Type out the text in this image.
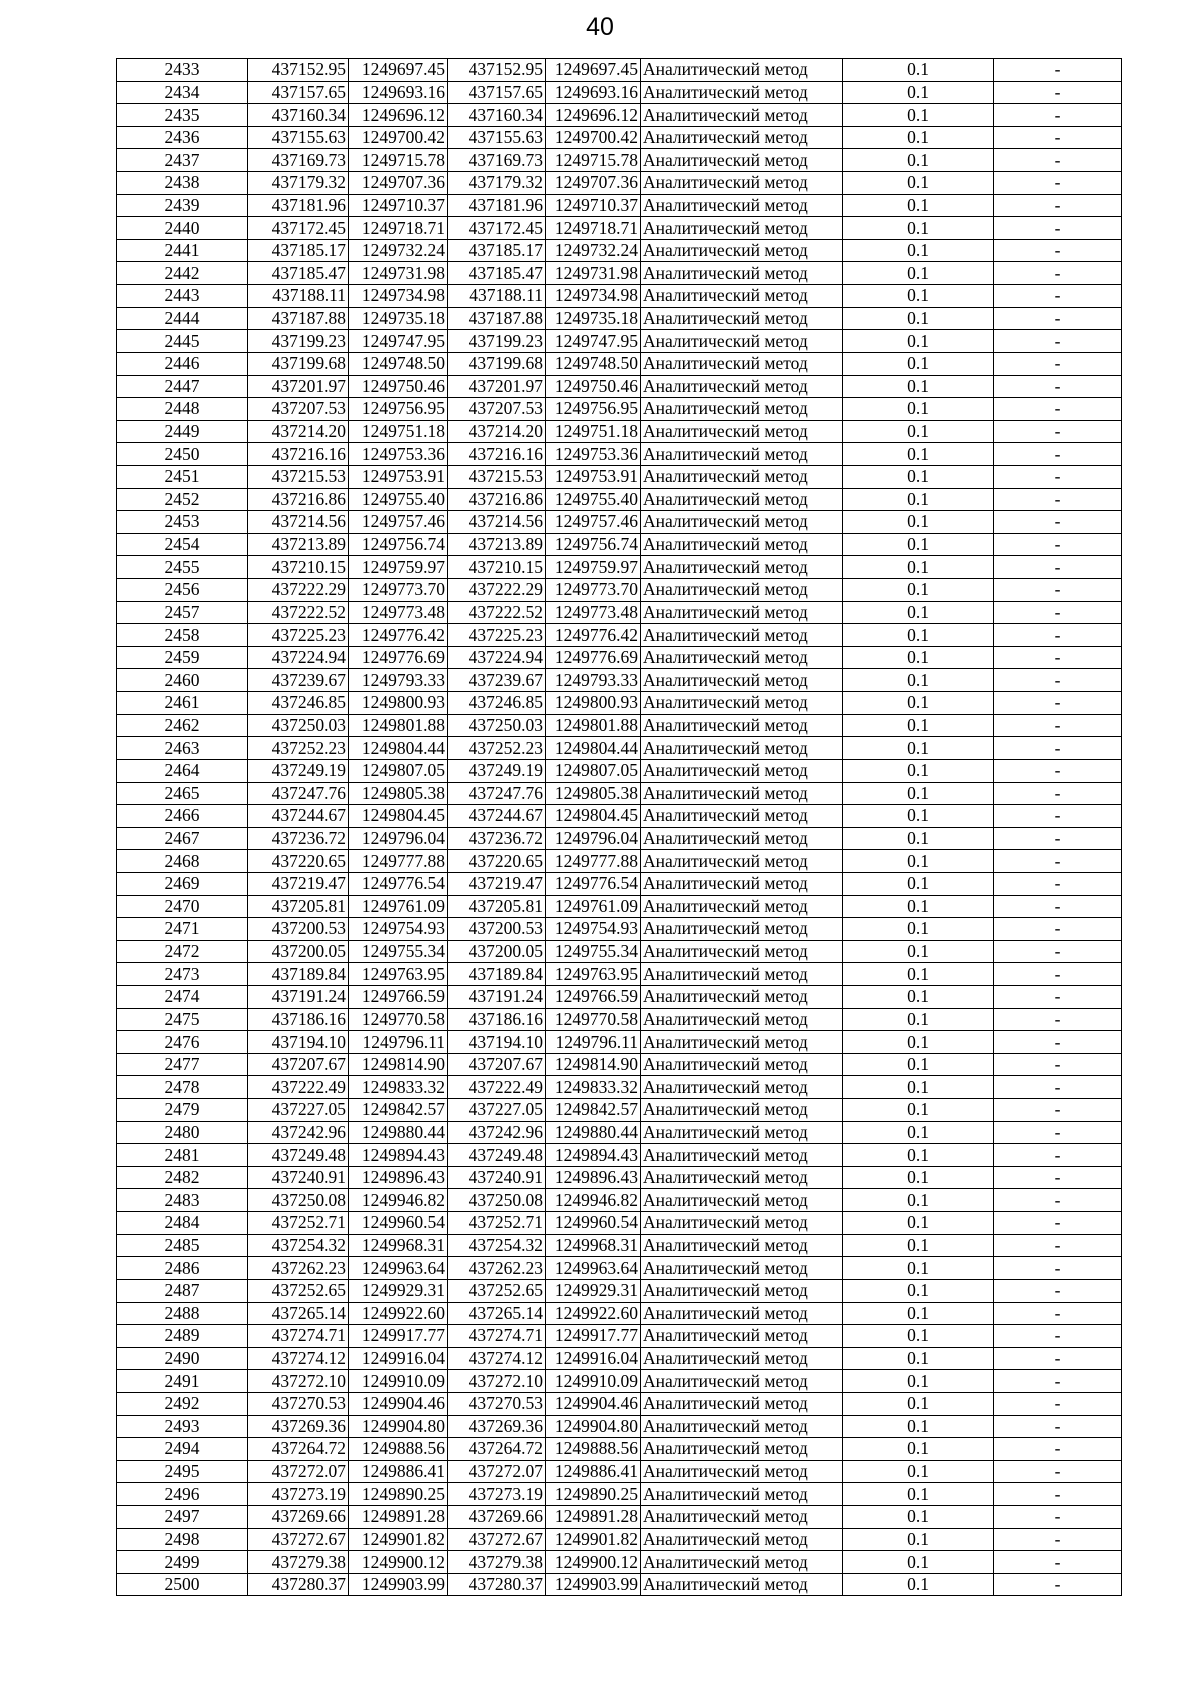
40
2433	437152.95	1249697.45	437152.95	1249697.45	Аналитический метод	0.1	-
2434	437157.65	1249693.16	437157.65	1249693.16	Аналитический метод	0.1	-
2435	437160.34	1249696.12	437160.34	1249696.12	Аналитический метод	0.1	-
2436	437155.63	1249700.42	437155.63	1249700.42	Аналитический метод	0.1	-
2437	437169.73	1249715.78	437169.73	1249715.78	Аналитический метод	0.1	-
2438	437179.32	1249707.36	437179.32	1249707.36	Аналитический метод	0.1	-
2439	437181.96	1249710.37	437181.96	1249710.37	Аналитический метод	0.1	-
2440	437172.45	1249718.71	437172.45	1249718.71	Аналитический метод	0.1	-
2441	437185.17	1249732.24	437185.17	1249732.24	Аналитический метод	0.1	-
2442	437185.47	1249731.98	437185.47	1249731.98	Аналитический метод	0.1	-
2443	437188.11	1249734.98	437188.11	1249734.98	Аналитический метод	0.1	-
2444	437187.88	1249735.18	437187.88	1249735.18	Аналитический метод	0.1	-
2445	437199.23	1249747.95	437199.23	1249747.95	Аналитический метод	0.1	-
2446	437199.68	1249748.50	437199.68	1249748.50	Аналитический метод	0.1	-
2447	437201.97	1249750.46	437201.97	1249750.46	Аналитический метод	0.1	-
2448	437207.53	1249756.95	437207.53	1249756.95	Аналитический метод	0.1	-
2449	437214.20	1249751.18	437214.20	1249751.18	Аналитический метод	0.1	-
2450	437216.16	1249753.36	437216.16	1249753.36	Аналитический метод	0.1	-
2451	437215.53	1249753.91	437215.53	1249753.91	Аналитический метод	0.1	-
2452	437216.86	1249755.40	437216.86	1249755.40	Аналитический метод	0.1	-
2453	437214.56	1249757.46	437214.56	1249757.46	Аналитический метод	0.1	-
2454	437213.89	1249756.74	437213.89	1249756.74	Аналитический метод	0.1	-
2455	437210.15	1249759.97	437210.15	1249759.97	Аналитический метод	0.1	-
2456	437222.29	1249773.70	437222.29	1249773.70	Аналитический метод	0.1	-
2457	437222.52	1249773.48	437222.52	1249773.48	Аналитический метод	0.1	-
2458	437225.23	1249776.42	437225.23	1249776.42	Аналитический метод	0.1	-
2459	437224.94	1249776.69	437224.94	1249776.69	Аналитический метод	0.1	-
2460	437239.67	1249793.33	437239.67	1249793.33	Аналитический метод	0.1	-
2461	437246.85	1249800.93	437246.85	1249800.93	Аналитический метод	0.1	-
2462	437250.03	1249801.88	437250.03	1249801.88	Аналитический метод	0.1	-
2463	437252.23	1249804.44	437252.23	1249804.44	Аналитический метод	0.1	-
2464	437249.19	1249807.05	437249.19	1249807.05	Аналитический метод	0.1	-
2465	437247.76	1249805.38	437247.76	1249805.38	Аналитический метод	0.1	-
2466	437244.67	1249804.45	437244.67	1249804.45	Аналитический метод	0.1	-
2467	437236.72	1249796.04	437236.72	1249796.04	Аналитический метод	0.1	-
2468	437220.65	1249777.88	437220.65	1249777.88	Аналитический метод	0.1	-
2469	437219.47	1249776.54	437219.47	1249776.54	Аналитический метод	0.1	-
2470	437205.81	1249761.09	437205.81	1249761.09	Аналитический метод	0.1	-
2471	437200.53	1249754.93	437200.53	1249754.93	Аналитический метод	0.1	-
2472	437200.05	1249755.34	437200.05	1249755.34	Аналитический метод	0.1	-
2473	437189.84	1249763.95	437189.84	1249763.95	Аналитический метод	0.1	-
2474	437191.24	1249766.59	437191.24	1249766.59	Аналитический метод	0.1	-
2475	437186.16	1249770.58	437186.16	1249770.58	Аналитический метод	0.1	-
2476	437194.10	1249796.11	437194.10	1249796.11	Аналитический метод	0.1	-
2477	437207.67	1249814.90	437207.67	1249814.90	Аналитический метод	0.1	-
2478	437222.49	1249833.32	437222.49	1249833.32	Аналитический метод	0.1	-
2479	437227.05	1249842.57	437227.05	1249842.57	Аналитический метод	0.1	-
2480	437242.96	1249880.44	437242.96	1249880.44	Аналитический метод	0.1	-
2481	437249.48	1249894.43	437249.48	1249894.43	Аналитический метод	0.1	-
2482	437240.91	1249896.43	437240.91	1249896.43	Аналитический метод	0.1	-
2483	437250.08	1249946.82	437250.08	1249946.82	Аналитический метод	0.1	-
2484	437252.71	1249960.54	437252.71	1249960.54	Аналитический метод	0.1	-
2485	437254.32	1249968.31	437254.32	1249968.31	Аналитический метод	0.1	-
2486	437262.23	1249963.64	437262.23	1249963.64	Аналитический метод	0.1	-
2487	437252.65	1249929.31	437252.65	1249929.31	Аналитический метод	0.1	-
2488	437265.14	1249922.60	437265.14	1249922.60	Аналитический метод	0.1	-
2489	437274.71	1249917.77	437274.71	1249917.77	Аналитический метод	0.1	-
2490	437274.12	1249916.04	437274.12	1249916.04	Аналитический метод	0.1	-
2491	437272.10	1249910.09	437272.10	1249910.09	Аналитический метод	0.1	-
2492	437270.53	1249904.46	437270.53	1249904.46	Аналитический метод	0.1	-
2493	437269.36	1249904.80	437269.36	1249904.80	Аналитический метод	0.1	-
2494	437264.72	1249888.56	437264.72	1249888.56	Аналитический метод	0.1	-
2495	437272.07	1249886.41	437272.07	1249886.41	Аналитический метод	0.1	-
2496	437273.19	1249890.25	437273.19	1249890.25	Аналитический метод	0.1	-
2497	437269.66	1249891.28	437269.66	1249891.28	Аналитический метод	0.1	-
2498	437272.67	1249901.82	437272.67	1249901.82	Аналитический метод	0.1	-
2499	437279.38	1249900.12	437279.38	1249900.12	Аналитический метод	0.1	-
2500	437280.37	1249903.99	437280.37	1249903.99	Аналитический метод	0.1	-
